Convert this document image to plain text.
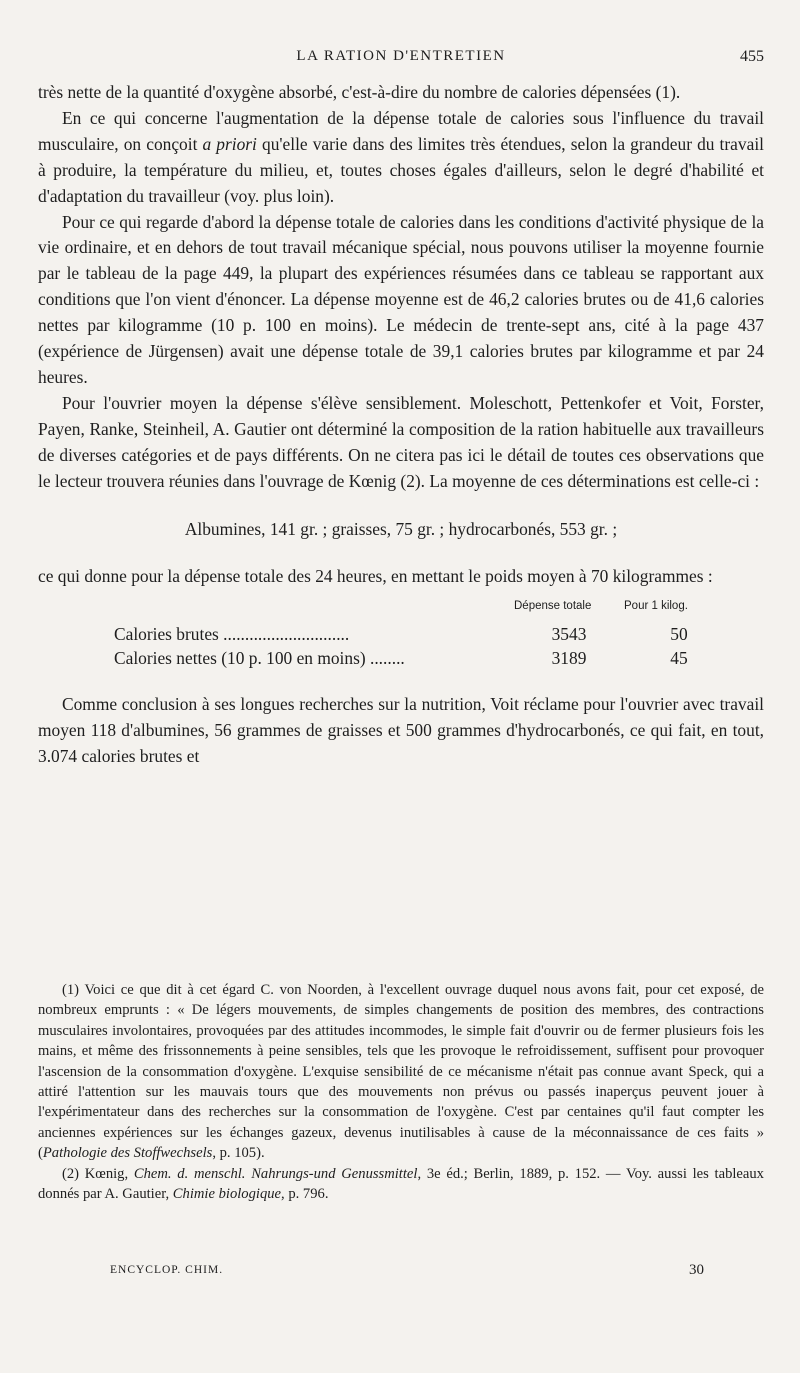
LA RATION D'ENTRETIEN	455

très nette de la quantité d'oxygène absorbé, c'est-à-dire du nombre de calories dépensées (1).

En ce qui concerne l'augmentation de la dépense totale de calories sous l'influence du travail musculaire, on conçoit a priori qu'elle varie dans des limites très étendues, selon la grandeur du travail à produire, la température du milieu, et, toutes choses égales d'ailleurs, selon le degré d'habilité et d'adaptation du travailleur (voy. plus loin).

Pour ce qui regarde d'abord la dépense totale de calories dans les conditions d'activité physique de la vie ordinaire, et en dehors de tout travail mécanique spécial, nous pouvons utiliser la moyenne fournie par le tableau de la page 449, la plupart des expériences résumées dans ce tableau se rapportant aux conditions que l'on vient d'énoncer. La dépense moyenne est de 46,2 calories brutes ou de 41,6 calories nettes par kilogramme (10 p. 100 en moins). Le médecin de trente-sept ans, cité à la page 437 (expérience de Jürgensen) avait une dépense totale de 39,1 calories brutes par kilogramme et par 24 heures.

Pour l'ouvrier moyen la dépense s'élève sensiblement. Moleschott, Pettenkofer et Voit, Forster, Payen, Ranke, Steinheil, A. Gautier ont déterminé la composition de la ration habituelle aux travailleurs de diverses catégories et de pays différents. On ne citera pas ici le détail de toutes ces observations que le lecteur trouvera réunies dans l'ouvrage de Kœnig (2). La moyenne de ces déterminations est celle-ci :

Albumines, 141 gr. ; graisses, 75 gr. ; hydrocarbonés, 553 gr. ;

ce qui donne pour la dépense totale des 24 heures, en mettant le poids moyen à 70 kilogrammes :

	Dépense totale	Pour 1 kilog.
Calories brutes .............................	3543	50
Calories nettes (10 p. 100 en moins) ........	3189	45

Comme conclusion à ses longues recherches sur la nutrition, Voit réclame pour l'ouvrier avec travail moyen 118 d'albumines, 56 grammes de graisses et 500 grammes d'hydrocarbonés, ce qui fait, en tout, 3.074 calories brutes et

(1) Voici ce que dit à cet égard C. von Noorden, à l'excellent ouvrage duquel nous avons fait, pour cet exposé, de nombreux emprunts : « De légers mouvements, de simples changements de position des membres, des contractions musculaires involontaires, provoquées par des attitudes incommodes, le simple fait d'ouvrir ou de fermer plusieurs fois les mains, et même des frissonnements à peine sensibles, tels que les provoque le refroidissement, suffisent pour provoquer l'ascension de la consommation d'oxygène. L'exquise sensibilité de ce mécanisme n'était pas connue avant Speck, qui a attiré l'attention sur les mauvais tours que des mouvements non prévus ou passés inaperçus peuvent jouer à l'expérimentateur dans des recherches sur la consommation de l'oxygène. C'est par centaines qu'il faut compter les anciennes expériences sur les échanges gazeux, devenus inutilisables à cause de la méconnaissance de ces faits » (Pathologie des Stoffwechsels, p. 105).

(2) Kœnig, Chem. d. menschl. Nahrungs-und Genussmittel, 3e éd.; Berlin, 1889, p. 152. — Voy. aussi les tableaux donnés par A. Gautier, Chimie biologique, p. 796.

ENCYCLOP. CHIM.	30
